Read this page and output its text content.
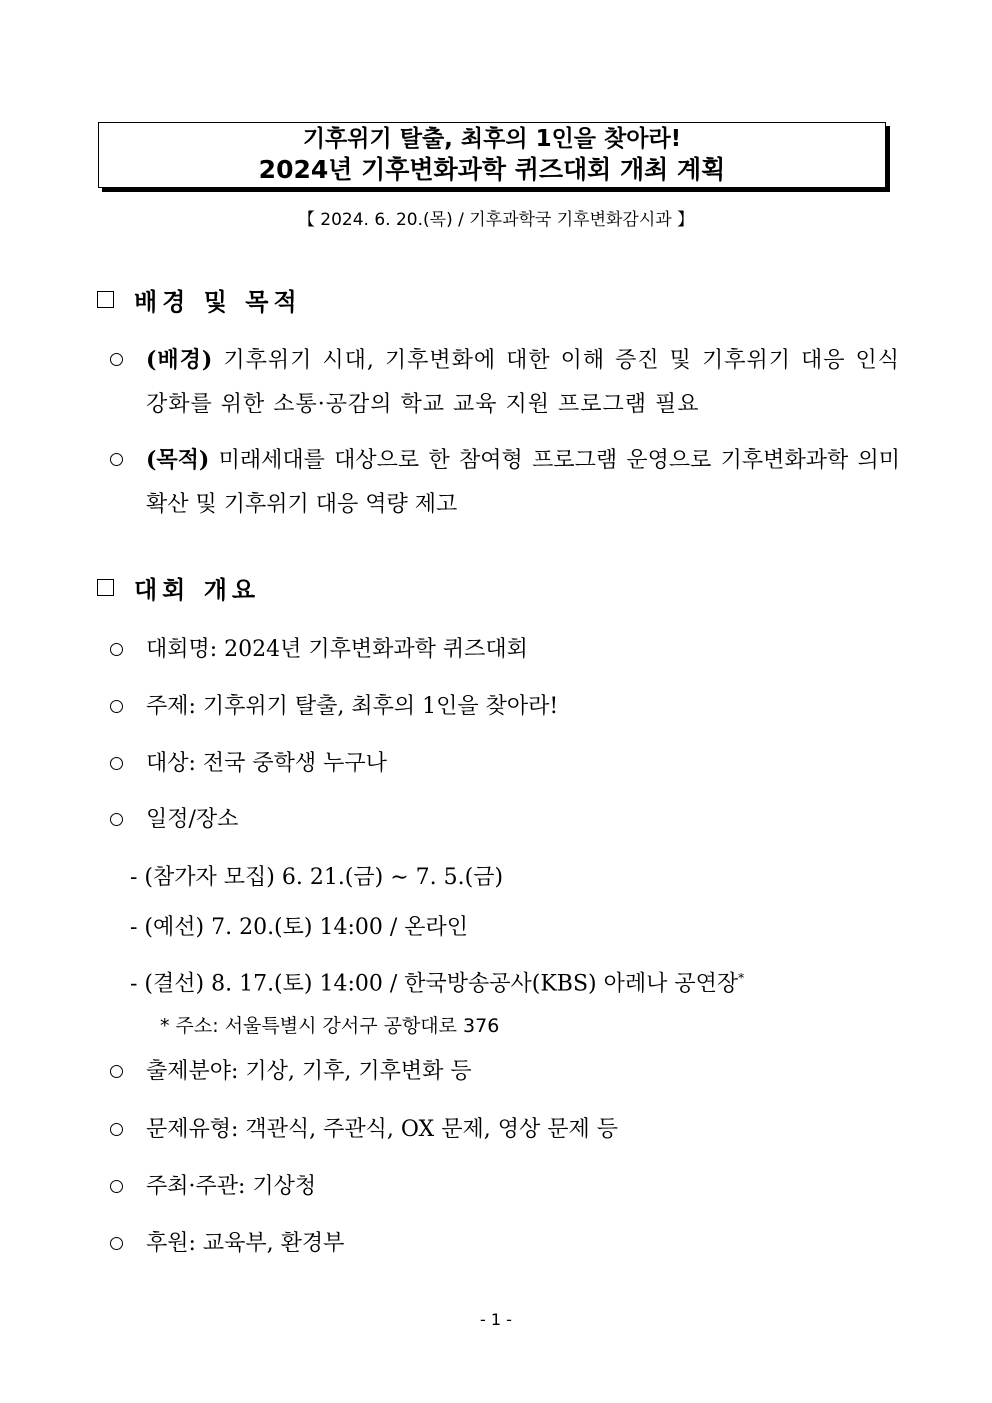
기후위기 탈출, 최후의 1인을 찾아라!
2024년 기후변화과학 퀴즈대회 개최 계획
【 2024. 6. 20.(목) / 기후과학국 기후변화감시과 】
배경 및 목적
(배경) 기후위기 시대, 기후변화에 대한 이해 증진 및 기후위기 대응 인식강화를 위한 소통·공감의 학교 교육 지원 프로그램 필요
(목적) 미래세대를 대상으로 한 참여형 프로그램 운영으로 기후변화과학 의미 확산 및 기후위기 대응 역량 제고
대회 개요
대회명: 2024년 기후변화과학 퀴즈대회
주제: 기후위기 탈출, 최후의 1인을 찾아라!
대상: 전국 중학생 누구나
일정/장소
- (참가자 모집) 6. 21.(금) ∼ 7. 5.(금)
- (예선) 7. 20.(토) 14:00 / 온라인
- (결선) 8. 17.(토) 14:00 / 한국방송공사(KBS) 아레나 공연장*
* 주소: 서울특별시 강서구 공항대로 376
출제분야: 기상, 기후, 기후변화 등
문제유형: 객관식, 주관식, OX 문제, 영상 문제 등
주최·주관: 기상청
후원: 교육부, 환경부
- 1 -
